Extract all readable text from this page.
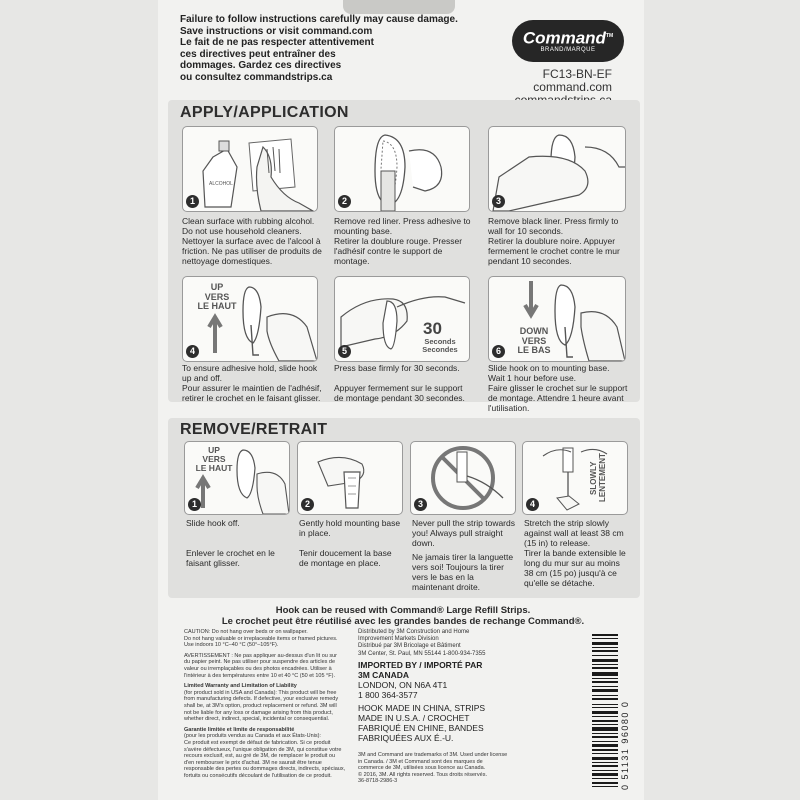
Failure to follow instructions carefully may cause damage.
Save instructions or visit command.com
Le fait de ne pas respecter attentivement
ces directives peut entraîner des
dommages. Gardez ces directives
ou consultez commandstrips.ca
Command™
BRAND/MARQUE
FC13-BN-EF
command.com
APPLY/APPLICATION
ALCOHOL
1	2	3
Clean surface with rubbing alcohol. Do not use household cleaners.
Nettoyer la surface avec de l'alcool à friction. Ne pas utiliser de produits de nettoyage domestiques.
Remove red liner. Press adhesive to mounting base.
Retirer la doublure rouge. Presser l'adhésif contre le support de montage.
Remove black liner. Press firmly to wall for 10 seconds.
Retirer la doublure noire. Appuyer fermement le crochet contre le mur pendant 10 secondes.
UP
VERS
LE HAUT
4
30
Seconds
Secondes
5
DOWN
VERS
LE BAS
6
To ensure adhesive hold, slide hook up and off.
Pour assurer le maintien de l'adhésif, retirer le crochet en le faisant glisser.
Press base firmly for 30 seconds.
Appuyer fermement sur le support de montage pendant 30 secondes.
Slide hook on to mounting base. Wait 1 hour before use.
Faire glisser le crochet sur le support de montage. Attendre 1 heure avant l'utilisation.
REMOVE/RETRAIT
UP
VERS
LE HAUT
1	2	3
SLOWLY LENTEMENT
4
Slide hook off.
Enlever le crochet en le faisant glisser.
Gently hold mounting base in place.
Tenir doucement la base de montage en place.
Never pull the strip towards you! Always pull straight down.
Ne jamais tirer la languette vers soi! Toujours la tirer vers le bas en la maintenant droite.
Stretch the strip slowly against wall at least 38 cm (15 in) to release.
Tirer la bande extensible le long du mur sur au moins 38 cm (15 po) jusqu'à ce qu'elle se détache.
Hook can be reused with Command® Large Refill Strips.
Le crochet peut être réutilisé avec les grandes bandes de rechange Command®.
CAUTION: Do not hang over beds or on wallpaper.
Do not hang valuable or irreplaceable items or framed pictures.
Use indoors 10 °C–40 °C (50°–105°F).
AVERTISSEMENT : Ne pas appliquer au-dessus d'un lit ou sur
du papier peint. Ne pas utiliser pour suspendre des articles de
valeur ou irremplaçables ou des photos encadrées. Utiliser à
l'intérieur à des températures entre 10 et 40 °C (50 et 105 °F).
Limited Warranty and Limitation of Liability
(for product sold in USA and Canada): This product will be free
from manufacturing defects. If defective, your exclusive remedy
shall be, at 3M's option, product replacement or refund. 3M will
not be liable for any loss or damage arising from this product,
whether direct, indirect, special, incidental or consequential.
Garantie limitée et limite de responsabilité
(pour les produits vendus au Canada et aux États-Unis):
Ce produit est exempt de défaut de fabrication. Si ce produit
s'avère défectueux, l'unique obligation de 3M, qui constitue votre
recours exclusif, est, au gré de 3M, de remplacer le produit ou
d'en rembourser le prix d'achat. 3M ne saurait être tenue
responsable des pertes ou dommages directs, indirects, spéciaux,
fortuits ou consécutifs découlant de l'utilisation de ce produit.
Distributed by 3M Construction and Home
Improvement Markets Division
Distribué par 3M Bricolage et Bâtiment
3M Center, St. Paul, MN 55144 1-800-934-7355
IMPORTED BY / IMPORTÉ PAR
3M CANADA
LONDON, ON N6A 4T1
1 800 364-3577
HOOK MADE IN CHINA, STRIPS
MADE IN U.S.A. / CROCHET
FABRIQUÉ EN CHINE, BANDES
FABRIQUÉES AUX É.-U.
3M and Command are trademarks of 3M. Used under license
in Canada. / 3M et Command sont des marques de
commerce de 3M, utilisées sous licence au Canada.
© 2016, 3M. All rights reserved. Tous droits réservés.
36-8718-2986-3	0 51131 96080 0
